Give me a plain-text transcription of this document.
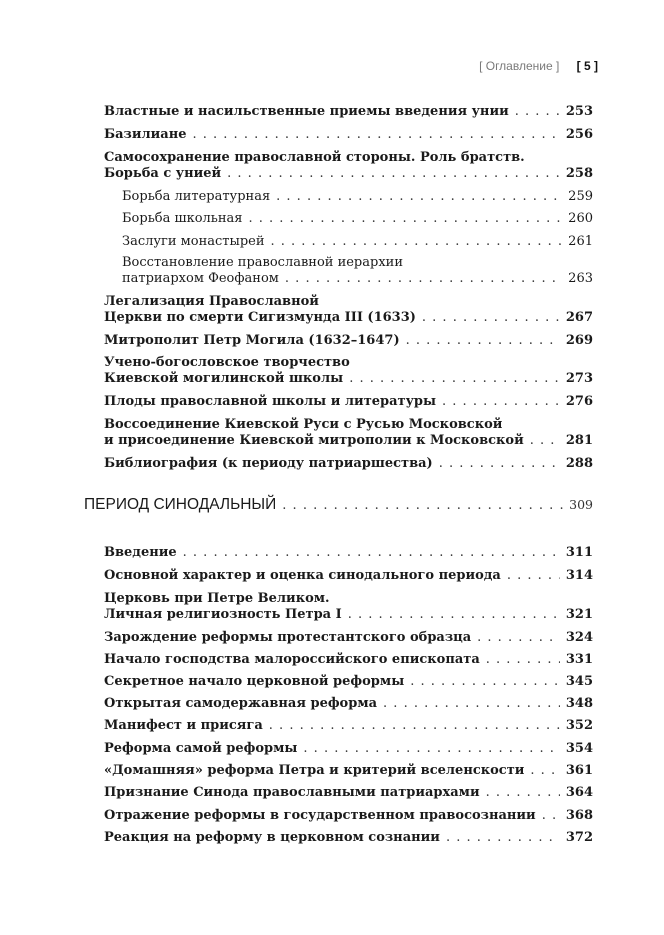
[ Оглавление ] [ 5 ]
Властные и насильственные приемы введения унии . . .	253
Базилиане . . .	256
Самосохранение православной стороны. Роль братств.
Борьба с унией . . .	258
Борьба литературная . . .	259
Борьба школьная . . .	260
Заслуги монастырей . . .	261
Восстановление православной иерархии
патриархом Феофаном . . .	263
Легализация Православной
Церкви по смерти Сигизмунда III (1633) . . .	267
Митрополит Петр Могила (1632–1647) . . .	269
Учено-богословское творчество
Киевской могилинской школы . . .	273
Плоды православной школы и литературы . . .	276
Воссоединение Киевской Руси с Русью Московской
и присоединение Киевской митрополии к Московской . . .	281
Библиография (к периоду патриаршества) . . .	288
ПЕРИОД СИНОДАЛЬНЫЙ . . .	309
Введение . . .	311
Основной характер и оценка синодального периода . . .	314
Церковь при Петре Великом.
Личная религиозность Петра I . . .	321
Зарождение реформы протестантского образца . . .	324
Начало господства малороссийского епископата . . .	331
Секретное начало церковной реформы . . .	345
Открытая самодержавная реформа . . .	348
Манифест и присяга . . .	352
Реформа самой реформы . . .	354
«Домашняя» реформа Петра и критерий вселенскости . . .	361
Признание Синода православными патриархами . . .	364
Отражение реформы в государственном правосознании . . . 368
Реакция на реформу в церковном сознании . . .	372
